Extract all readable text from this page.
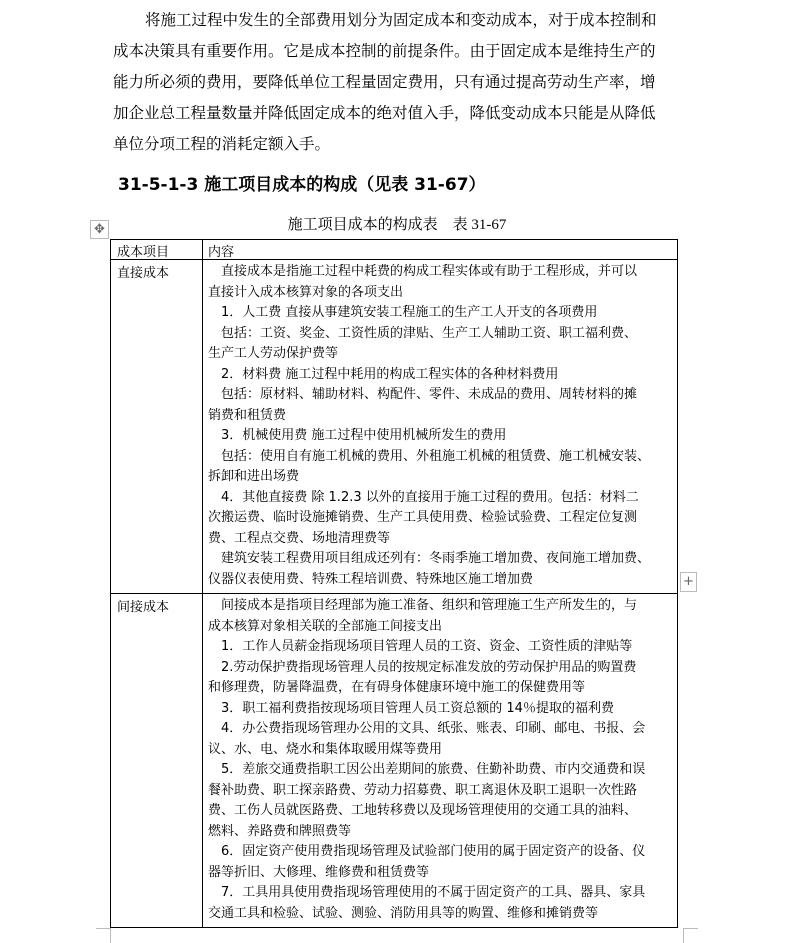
将施工过程中发生的全部费用划分为固定成本和变动成本，对于成本控制和
成本决策具有重要作用。它是成本控制的前提条件。由于固定成本是维持生产的
能力所必须的费用，要降低单位工程量固定费用，只有通过提高劳动生产率，增
加企业总工程量数量并降低固定成本的绝对值入手，降低变动成本只能是从降低
单位分项工程的消耗定额入手。
31-5-1-3 施工项目成本的构成（见表 31-67）
✥	施工项目成本的构成表    表 31-67
成本项目	内容
直接成本	直接成本是指施工过程中耗费的构成工程实体或有助于工程形成，并可以
直接计入成本核算对象的各项支出
1．人工费 直接从事建筑安装工程施工的生产工人开支的各项费用
包括：工资、奖金、工资性质的津贴、生产工人辅助工资、职工福利费、
生产工人劳动保护费等
2．材料费 施工过程中耗用的构成工程实体的各种材料费用
包括：原材料、辅助材料、构配件、零件、未成品的费用、周转材料的摊
销费和租赁费
3．机械使用费 施工过程中使用机械所发生的费用
包括：使用自有施工机械的费用、外租施工机械的租赁费、施工机械安装、
拆卸和进出场费
4．其他直接费 除 1.2.3 以外的直接用于施工过程的费用。包括：材料二
次搬运费、临时设施摊销费、生产工具使用费、检验试验费、工程定位复测
费、工程点交费、场地清理费等
建筑安装工程费用项目组成还列有：冬雨季施工增加费、夜间施工增加费、
仪器仪表使用费、特殊工程培训费、特殊地区施工增加费
间接成本	间接成本是指项目经理部为施工准备、组织和管理施工生产所发生的，与
成本核算对象相关联的全部施工间接支出
1．工作人员薪金指现场项目管理人员的工资、资金、工资性质的津贴等
2.劳动保护费指现场管理人员的按规定标准发放的劳动保护用品的购置费
和修理费，防暑降温费，在有碍身体健康环境中施工的保健费用等
3．职工福利费指按现场项目管理人员工资总额的 14％提取的福利费
4．办公费指现场管理办公用的文具、纸张、账表、印刷、邮电、书报、会
议、水、电、烧水和集体取暖用煤等费用
5．差旅交通费指职工因公出差期间的旅费、住勤补助费、市内交通费和误
餐补助费、职工探亲路费、劳动力招募费、职工离退休及职工退职一次性路
费、工伤人员就医路费、工地转移费以及现场管理使用的交通工具的油料、
燃料、养路费和牌照费等
6．固定资产使用费指现场管理及试验部门使用的属于固定资产的设备、仪
器等折旧、大修理、维修费和租赁费等
7．工具用具使用费指现场管理使用的不属于固定资产的工具、器具、家具
交通工具和检验、试验、测验、消防用具等的购置、维修和摊销费等
+
